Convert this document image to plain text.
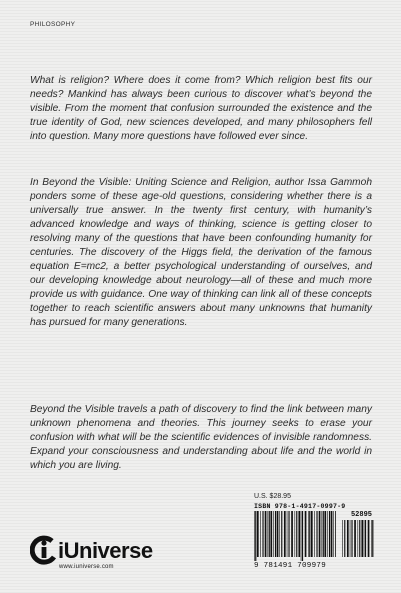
PHILOSOPHY

What is religion? Where does it come from? Which religion best fits our needs? Mankind has always been curious to discover what’s beyond the visible. From the moment that confusion surrounded the existence and the true identity of God, new sciences developed, and many philosophers fell into question. Many more questions have followed ever since.

In Beyond the Visible: Uniting Science and Religion, author Issa Gammoh ponders some of these age-old questions, considering whether there is a universally true answer. In the twenty first century, with humanity’s advanced knowledge and ways of thinking, science is getting closer to resolving many of the questions that have been confounding humanity for centuries. The discovery of the Higgs field, the derivation of the famous equation E=mc2, a better psychological understanding of ourselves, and our developing knowledge about neurology—all of these and much more provide us with guidance. One way of thinking can link all of these concepts together to reach scientific answers about many unknowns that humanity has pursued for many generations.

Beyond the Visible travels a path of discovery to find the link between many unknown phenomena and theories. This journey seeks to erase your confusion with what will be the scientific evidences of invisible randomness. Expand your consciousness and understanding about life and the world in which you are living.

U.S. $28.95
ISBN 978-1-4917-0997-9
52895
9 781491 709979
iUniverse
www.iuniverse.com
